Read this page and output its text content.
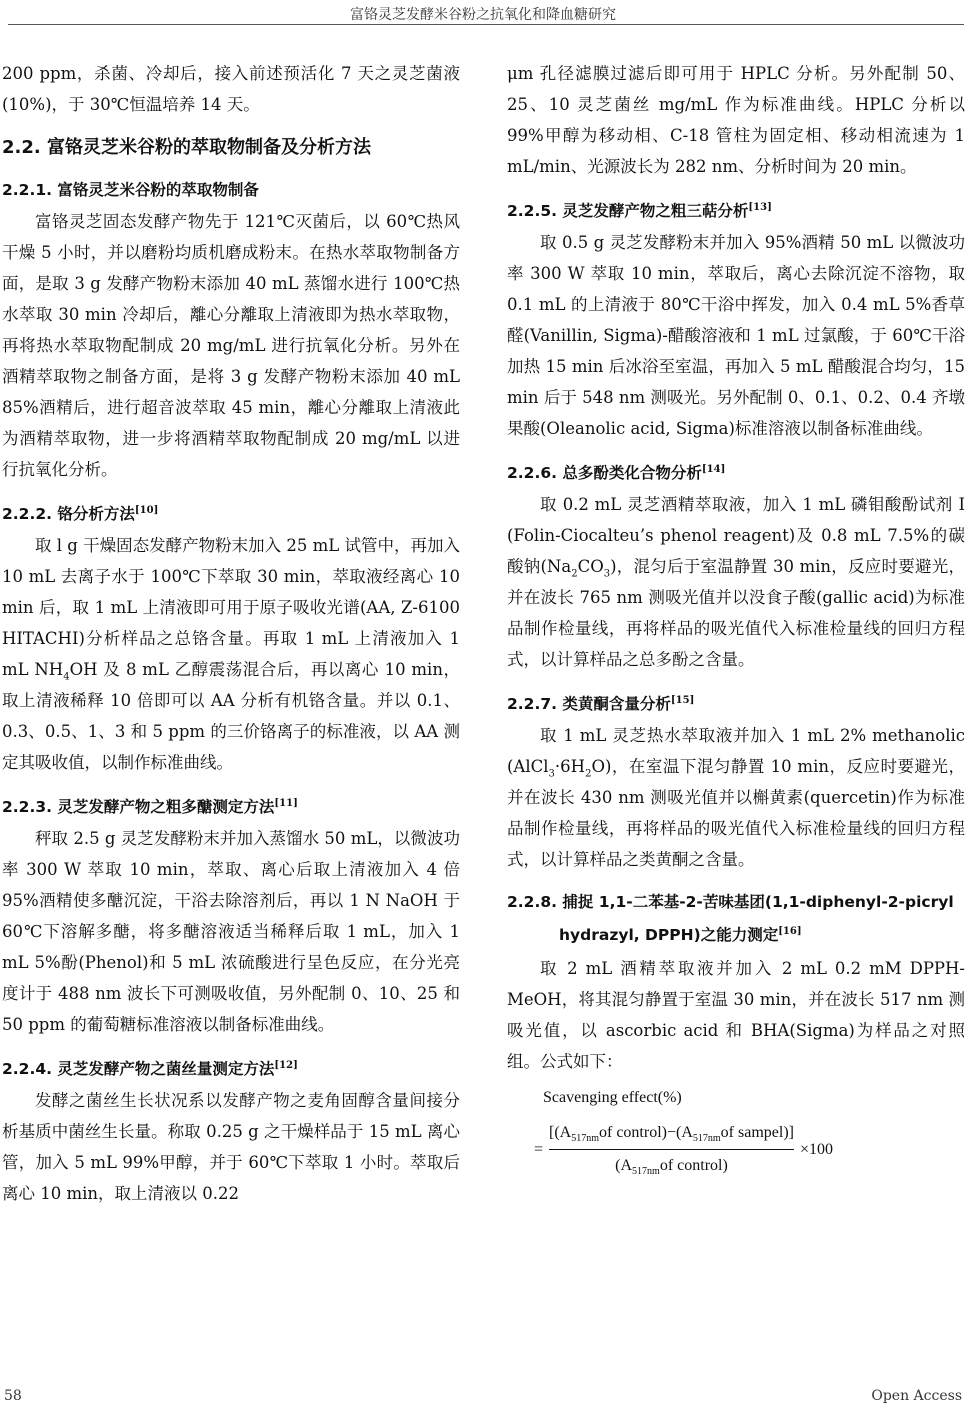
富铬灵芝发酵米谷粉之抗氧化和降血糖研究

200 ppm，杀菌、冷却后，接入前述预活化 7 天之灵芝菌液(10%)，于 30℃恒温培养 14 天。

2.2. 富铬灵芝米谷粉的萃取物制备及分析方法
2.2.1. 富铬灵芝米谷粉的萃取物制备

富铬灵芝固态发酵产物先于 121℃灭菌后，以 60℃热风干燥 5 小时，并以磨粉均质机磨成粉末。在热水萃取物制备方面，是取 3 g 发酵产物粉末添加 40 mL 蒸馏水进行 100℃热水萃取 30 min 冷却后，離心分離取上清液即为热水萃取物，再将热水萃取物配制成 20 mg/mL 进行抗氧化分析。另外在酒精萃取物之制备方面，是将 3 g 发酵产物粉末添加 40 mL 85%酒精后，进行超音波萃取 45 min，離心分離取上清液此为酒精萃取物，进一步将酒精萃取物配制成 20 mg/mL 以进行抗氧化分析。

2.2.2. 铬分析方法[10]

取 l g 干燥固态发酵产物粉末加入 25 mL 试管中，再加入 10 mL 去离子水于 100℃下萃取 30 min，萃取液经离心 10 min 后，取 1 mL 上清液即可用于原子吸收光谱(AA, Z-6100 HITACHI)分析样品之总铬含量。再取 1 mL 上清液加入 1 mL $NH_4OH$ 及 8 mL 乙醇震荡混合后，再以离心 10 min，取上清液稀释 10 倍即可以 AA 分析有机铬含量。并以 0.1、0.3、0.5、1、3 和 5 ppm 的三价铬离子的标准液，以 AA 测定其吸收值，以制作标准曲线。

2.2.3. 灵芝发酵产物之粗多醣测定方法[11]

秤取 2.5 g 灵芝发酵粉末并加入蒸馏水 50 mL，以微波功率 300 W 萃取 10 min，萃取、离心后取上清液加入 4 倍 95%酒精使多醣沉淀，干浴去除溶剂后，再以 1 N NaOH 于 60℃下溶解多醣，将多醣溶液适当稀释后取 1 mL，加入 1 mL 5%酚(Phenol)和 5 mL 浓硫酸进行呈色反应，在分光亮度计于 488 nm 波长下可测吸收值，另外配制 0、10、25 和 50 ppm 的葡萄糖标准溶液以制备标准曲线。

2.2.4. 灵芝发酵产物之菌丝量测定方法[12]

发酵之菌丝生长状况系以发酵产物之麦角固醇含量间接分析基质中菌丝生长量。称取 0.25 g 之干燥样品于 15 mL 离心管，加入 5 mL 99%甲醇，并于 60℃下萃取 1 小时。萃取后离心 10 min，取上清液以 0.22

μm 孔径滤膜过滤后即可用于 HPLC 分析。另外配制 50、25、10 灵芝菌丝 mg/mL 作为标准曲线。HPLC 分析以 99%甲醇为移动相、C-18 管柱为固定相、移动相流速为 1 mL/min、光源波长为 282 nm、分析时间为 20 min。

2.2.5. 灵芝发酵产物之粗三萜分析[13]

取 0.5 g 灵芝发酵粉末并加入 95%酒精 50 mL 以微波功率 300 W 萃取 10 min，萃取后，离心去除沉淀不溶物，取 0.1 mL 的上清液于 80℃干浴中挥发，加入 0.4 mL 5%香草醛(Vanillin, Sigma)-醋酸溶液和 1 mL 过氯酸，于 60℃干浴加热 15 min 后冰浴至室温，再加入 5 mL 醋酸混合均匀，15 min 后于 548 nm 测吸光。另外配制 0、0.1、0.2、0.4 齐墩果酸(Oleanolic acid, Sigma)标准溶液以制备标准曲线。

2.2.6. 总多酚类化合物分析[14]

取 0.2 mL 灵芝酒精萃取液，加入 1 mL 磷钼酸酚试剂 I (Folin-Ciocalteu’s phenol reagent)及 0.8 mL 7.5%的碳酸钠$(Na_2CO_3)$，混匀后于室温静置 30 min，反应时要避光，并在波长 765 nm 测吸光值并以没食子酸(gallic acid)为标准品制作检量线，再将样品的吸光值代入标准检量线的回归方程式，以计算样品之总多酚之含量。

2.2.7. 类黄酮含量分析[15]

取 1 mL 灵芝热水萃取液并加入 1 mL 2% methanolic $(AlCl_3\cdot 6H_2O)$，在室温下混匀静置 10 min，反应时要避光，并在波长 430 nm 测吸光值并以槲黄素(quercetin)作为标准品制作检量线，再将样品的吸光值代入标准检量线的回归方程式，以计算样品之类黄酮之含量。

2.2.8. 捕捉 1,1-二苯基-2-苦味基团(1,1-diphenyl-2-picryl hydrazyl, DPPH)之能力测定[16]

取 2 mL 酒精萃取液并加入 2 mL 0.2 mM DPPH-MeOH，将其混匀静置于室温 30 min，并在波长 517 nm 测吸光值，以 ascorbic acid 和 BHA(Sigma)为样品之对照组。公式如下：

Scavenging effect(%)
= $\frac{[(A_{517nm}of control)-(A_{517nm}of sampel)]}{(A_{517nm}of control)} \times 100$
58	Open Access
